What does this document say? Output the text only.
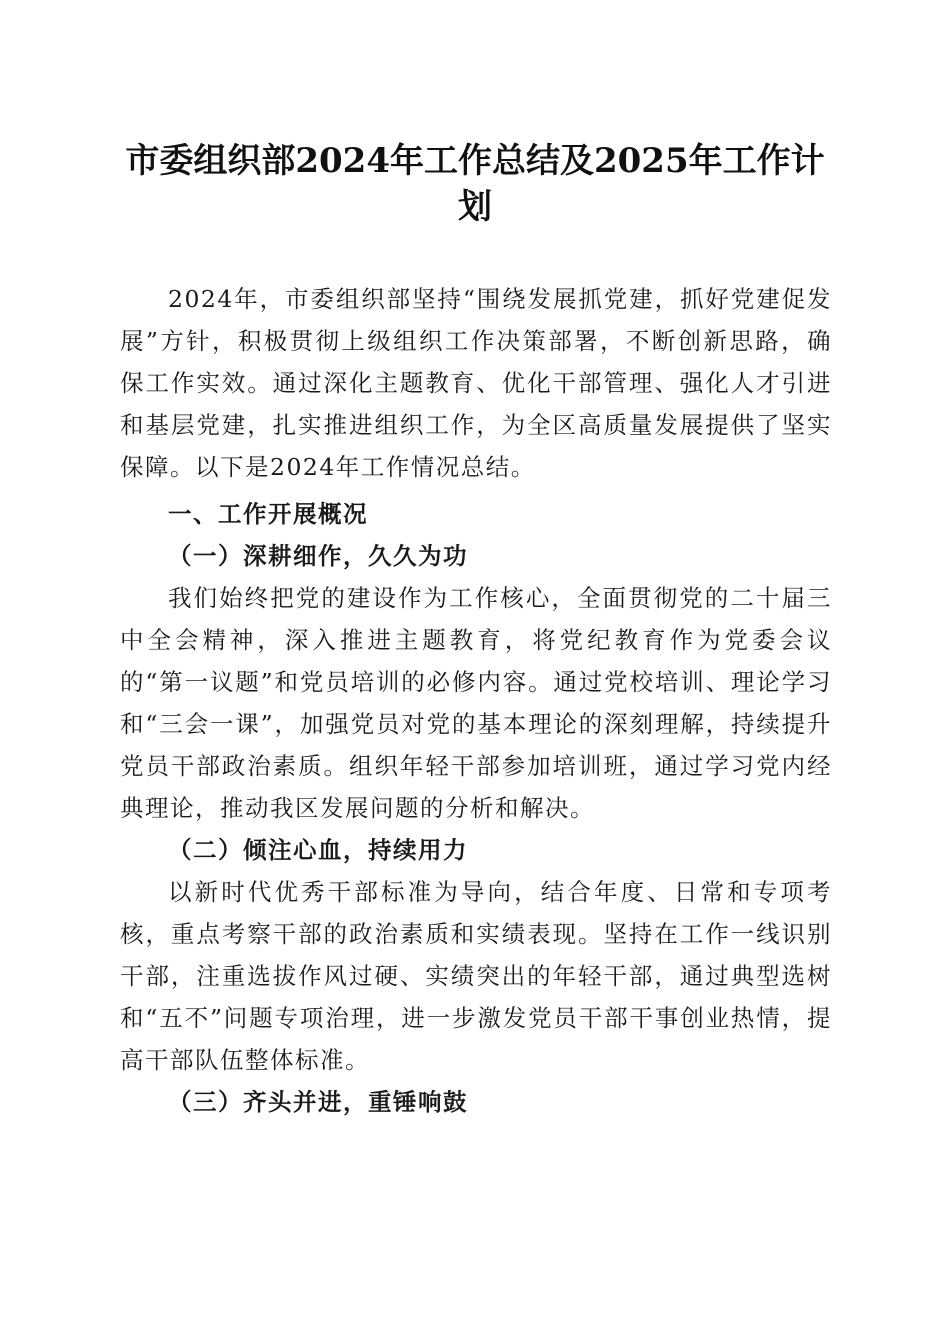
市委组织部2024年工作总结及2025年工作计
划

2024年，市委组织部坚持“围绕发展抓党建，抓好党建促发展”方针，积极贯彻上级组织工作决策部署，不断创新思路，确保工作实效。通过深化主题教育、优化干部管理、强化人才引进和基层党建，扎实推进组织工作，为全区高质量发展提供了坚实保障。以下是2024年工作情况总结。

一、工作开展概况

（一）深耕细作，久久为功

我们始终把党的建设作为工作核心，全面贯彻党的二十届三中全会精神，深入推进主题教育，将党纪教育作为党委会议的“第一议题”和党员培训的必修内容。通过党校培训、理论学习和“三会一课”，加强党员对党的基本理论的深刻理解，持续提升党员干部政治素质。组织年轻干部参加培训班，通过学习党内经典理论，推动我区发展问题的分析和解决。

（二）倾注心血，持续用力

以新时代优秀干部标准为导向，结合年度、日常和专项考核，重点考察干部的政治素质和实绩表现。坚持在工作一线识别干部，注重选拔作风过硬、实绩突出的年轻干部，通过典型选树和“五不”问题专项治理，进一步激发党员干部干事创业热情，提高干部队伍整体标准。

（三）齐头并进，重锤响鼓
